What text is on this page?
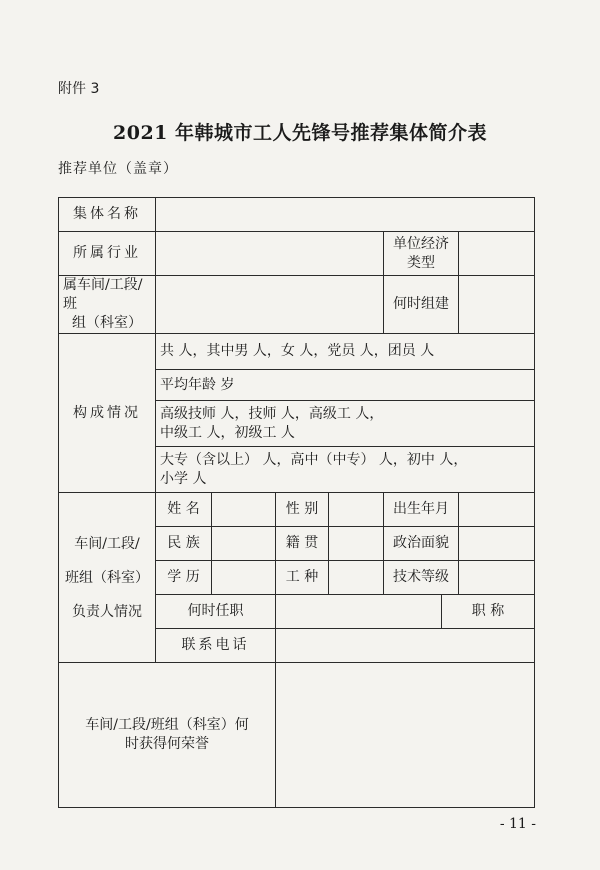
附件 3
2021 年韩城市工人先锋号推荐集体简介表
推荐单位（盖章）
集体名称								
所属行业					单位经济类型			

属车间/工段/班
组（科室）					何时组建			
构成情况	共 人，其中男 人，女 人，党员 人，团员 人							
	平均年龄 岁							

	高级技师 人，技师 人，高级工 人，
中级工 人，初级工 人							

	大专（含以上） 人，高中（中专） 人，初中 人，
小学 人							

车间/工段/
班组（科室）
负责人情况	姓 名		性 别		出生年月			
	民 族		籍 贯		政治面貌			
	学 历		工 种		技术等级			
	何时任职					职 称		
	联系电话							

车间/工段/班组（科室）何
时获得何荣誉								

- 11 -
